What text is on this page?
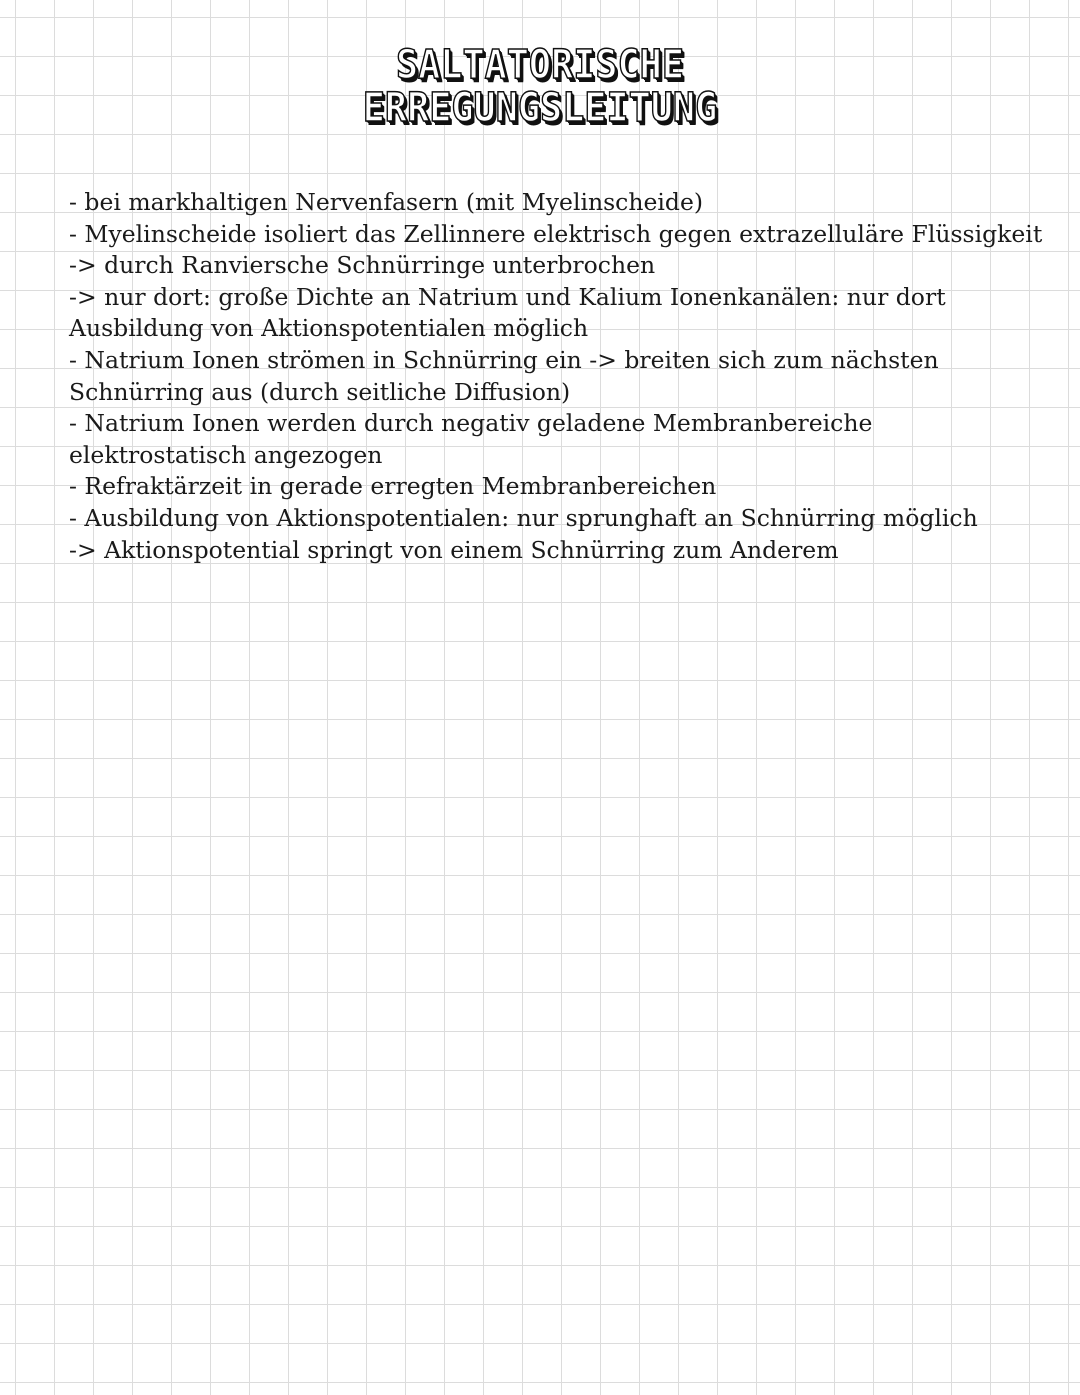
SALTATORISCHE
ERREGUNGSLEITUNG
- bei markhaltigen Nervenfasern (mit Myelinscheide)
- Myelinscheide isoliert das Zellinnere elektrisch gegen extrazelluläre Flüssigkeit
-> durch Ranviersche Schnürringe unterbrochen
-> nur dort: große Dichte an Natrium und Kalium Ionenkanälen: nur dort
Ausbildung von Aktionspotentialen möglich
- Natrium Ionen strömen in Schnürring ein -> breiten sich zum nächsten
Schnürring aus (durch seitliche Diffusion)
- Natrium Ionen werden durch negativ geladene Membranbereiche
elektrostatisch angezogen
- Refraktärzeit in gerade erregten Membranbereichen
- Ausbildung von Aktionspotentialen: nur sprunghaft an Schnürring möglich
-> Aktionspotential springt von einem Schnürring zum Anderem
